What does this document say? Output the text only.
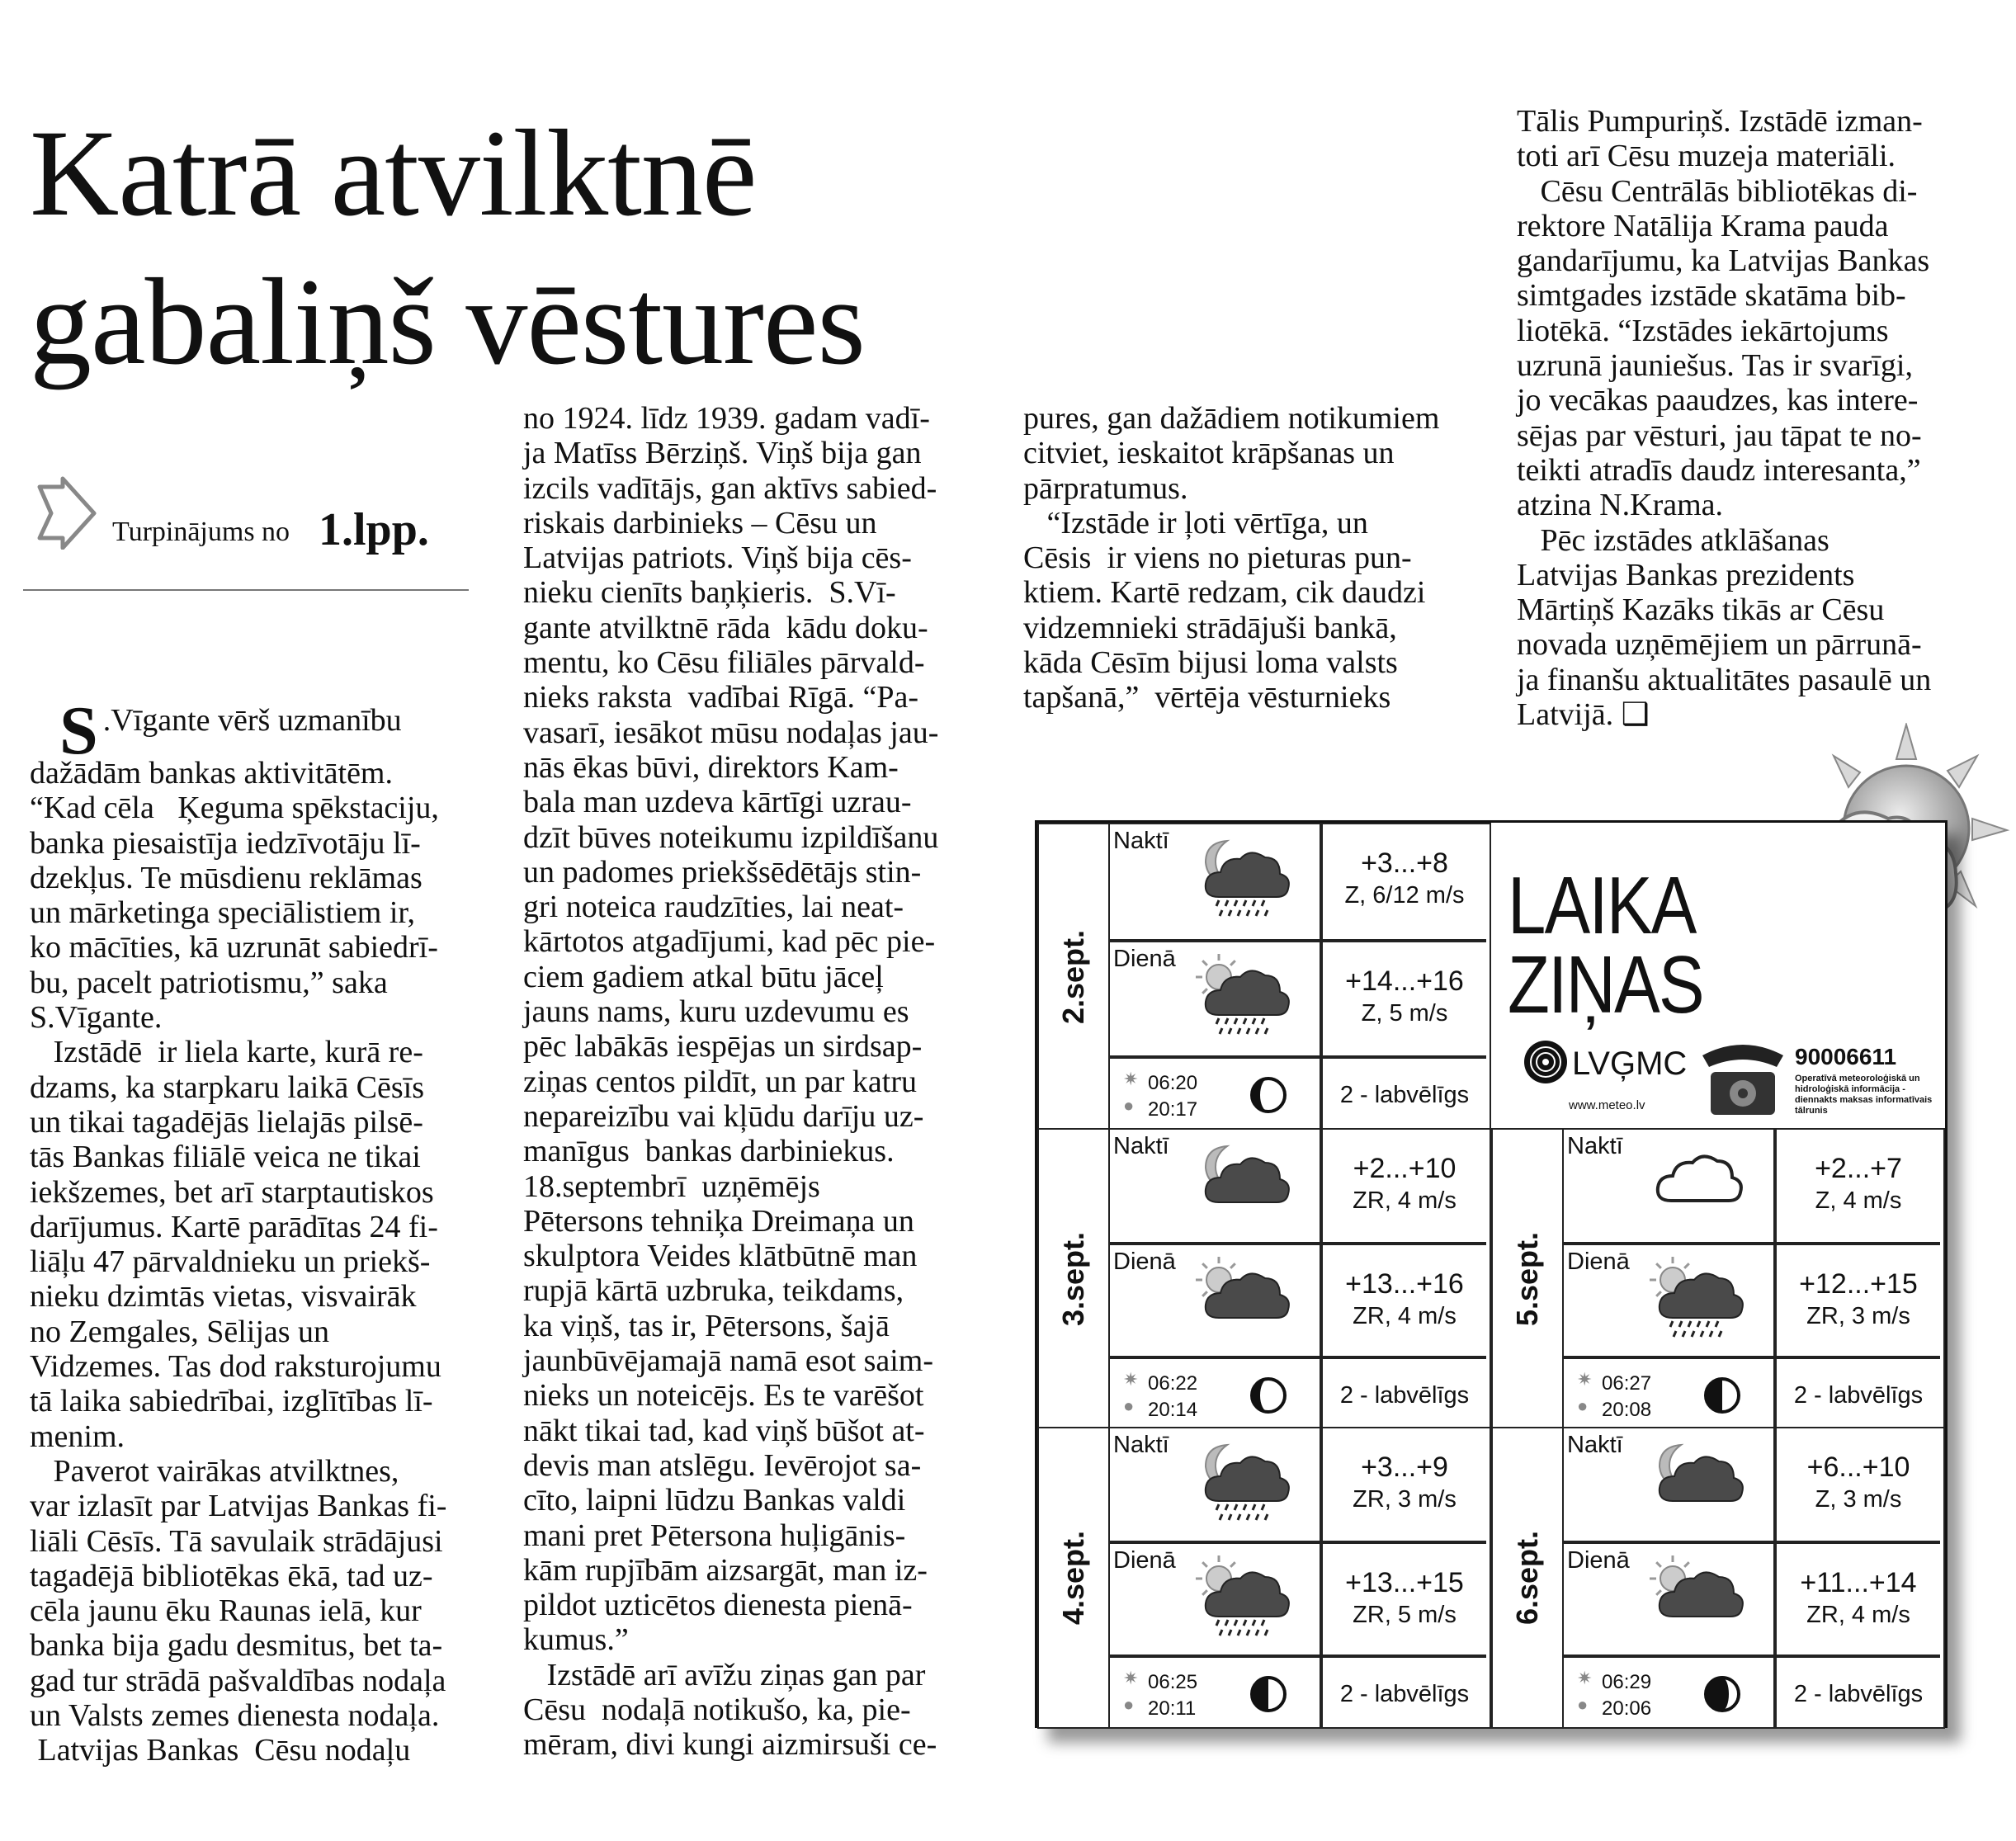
Katrā atvilktnē
gabaliņš vēstures
Turpinājums no 1.lpp.
S .Vīgante vērš uzmanību
dažādām bankas aktivitātēm.
“Kad cēla   Ķeguma spēkstaciju,
banka piesaistīja iedzīvotāju lī-
dzekļus. Te mūsdienu reklāmas
un mārketinga speciālistiem ir,
ko mācīties, kā uzrunāt sabiedrī-
bu, pacelt patriotismu,” saka
S.Vīgante.
Izstādē  ir liela karte, kurā re-
dzams, ka starpkaru laikā Cēsīs
un tikai tagadējās lielajās pilsē-
tās Bankas filiālē veica ne tikai
iekšzemes, bet arī starptautiskos
darījumus. Kartē parādītas 24 fi-
liāļu 47 pārvaldnieku un priekš-
nieku dzimtās vietas, visvairāk
no Zemgales, Sēlijas un
Vidzemes. Tas dod raksturojumu
tā laika sabiedrībai, izglītības lī-
menim.
Paverot vairākas atvilktnes,
var izlasīt par Latvijas Bankas fi-
liāli Cēsīs. Tā savulaik strādājusi
tagadējā bibliotēkas ēkā, tad uz-
cēla jaunu ēku Raunas ielā, kur
banka bija gadu desmitus, bet ta-
gad tur strādā pašvaldības nodaļa
un Valsts zemes dienesta nodaļa.
Latvijas Bankas  Cēsu nodaļu
no 1924. līdz 1939. gadam vadī-
ja Matīss Bērziņš. Viņš bija gan
izcils vadītājs, gan aktīvs sabied-
riskais darbinieks – Cēsu un
Latvijas patriots. Viņš bija cēs-
nieku cienīts baņķieris.  S.Vī-
gante atvilktnē rāda  kādu doku-
mentu, ko Cēsu filiāles pārvald-
nieks raksta  vadībai Rīgā. “Pa-
vasarī, iesākot mūsu nodaļas jau-
nās ēkas būvi, direktors Kam-
bala man uzdeva kārtīgi uzrau-
dzīt būves noteikumu izpildīšanu
un padomes priekšsēdētājs stin-
gri noteica raudzīties, lai neat-
kārtotos atgadījumi, kad pēc pie-
ciem gadiem atkal būtu jāceļ
jauns nams, kuru uzdevumu es
pēc labākās iespējas un sirdsap-
ziņas centos pildīt, un par katru
nepareizību vai kļūdu darīju uz-
manīgus  bankas darbiniekus.
18.septembrī  uzņēmējs
Pētersons tehniķa Dreimaņa un
skulptora Veides klātbūtnē man
rupjā kārtā uzbruka, teikdams,
ka viņš, tas ir, Pētersons, šajā
jaunbūvējamajā namā esot saim-
nieks un noteicējs. Es te varēšot
nākt tikai tad, kad viņš būšot at-
devis man atslēgu. Ievērojot sa-
cīto, laipni lūdzu Bankas valdi
mani pret Pētersona huļigānis-
kām rupjībām aizsargāt, man iz-
pildot uzticētos dienesta pienā-
kumus.”
Izstādē arī avīžu ziņas gan par
Cēsu  nodaļā notikušo, ka, pie-
mēram, divi kungi aizmirsuši ce-
pures, gan dažādiem notikumiem
citviet, ieskaitot krāpšanas un
pārpratumus.
“Izstāde ir ļoti vērtīga, un
Cēsis  ir viens no pieturas pun-
ktiem. Kartē redzam, cik daudzi
vidzemnieki strādājuši bankā,
kāda Cēsīm bijusi loma valsts
tapšanā,”  vērtēja vēsturnieks
Tālis Pumpuriņš. Izstādē izman-
toti arī Cēsu muzeja materiāli.
Cēsu Centrālās bibliotēkas di-
rektore Natālija Krama pauda
gandarījumu, ka Latvijas Bankas
simtgades izstāde skatāma bib-
liotēkā. “Izstādes iekārtojums
uzrunā jauniešus. Tas ir svarīgi,
jo vecākas paaudzes, kas intere-
sējas par vēsturi, jau tāpat te no-
teikti atradīs daudz interesanta,”
atzina N.Krama.
Pēc izstādes atklāšanas
Latvijas Bankas prezidents
Mārtiņš Kazāks tikās ar Cēsu
novada uzņēmējiem un pārrunā-
ja finanšu aktualitātes pasaulē un
Latvijā. ❑
LAIKA
ZIŅAS
LVĢMC
www.meteo.lv
90006611
Operatīvā meteoroloģiskā un hidroloģiskā informācija - diennakts maksas informatīvais tālrunis
2.sept.
Naktī
+3...+8
Z, 6/12 m/s
Dienā
+14...+16
Z, 5 m/s
✷ 06:20
● 20:17
2 - labvēlīgs
3.sept.
Naktī
+2...+10
ZR, 4 m/s
Dienā
+13...+16
ZR, 4 m/s
✷ 06:22
● 20:14
2 - labvēlīgs
4.sept.
Naktī
+3...+9
ZR, 3 m/s
Dienā
+13...+15
ZR, 5 m/s
✷ 06:25
● 20:11
2 - labvēlīgs
5.sept.
Naktī
+2...+7
Z, 4 m/s
Dienā
+12...+15
ZR, 3 m/s
✷ 06:27
● 20:08
2 - labvēlīgs
6.sept.
Naktī
+6...+10
Z, 3 m/s
Dienā
+11...+14
ZR, 4 m/s
✷ 06:29
● 20:06
2 - labvēlīgs
